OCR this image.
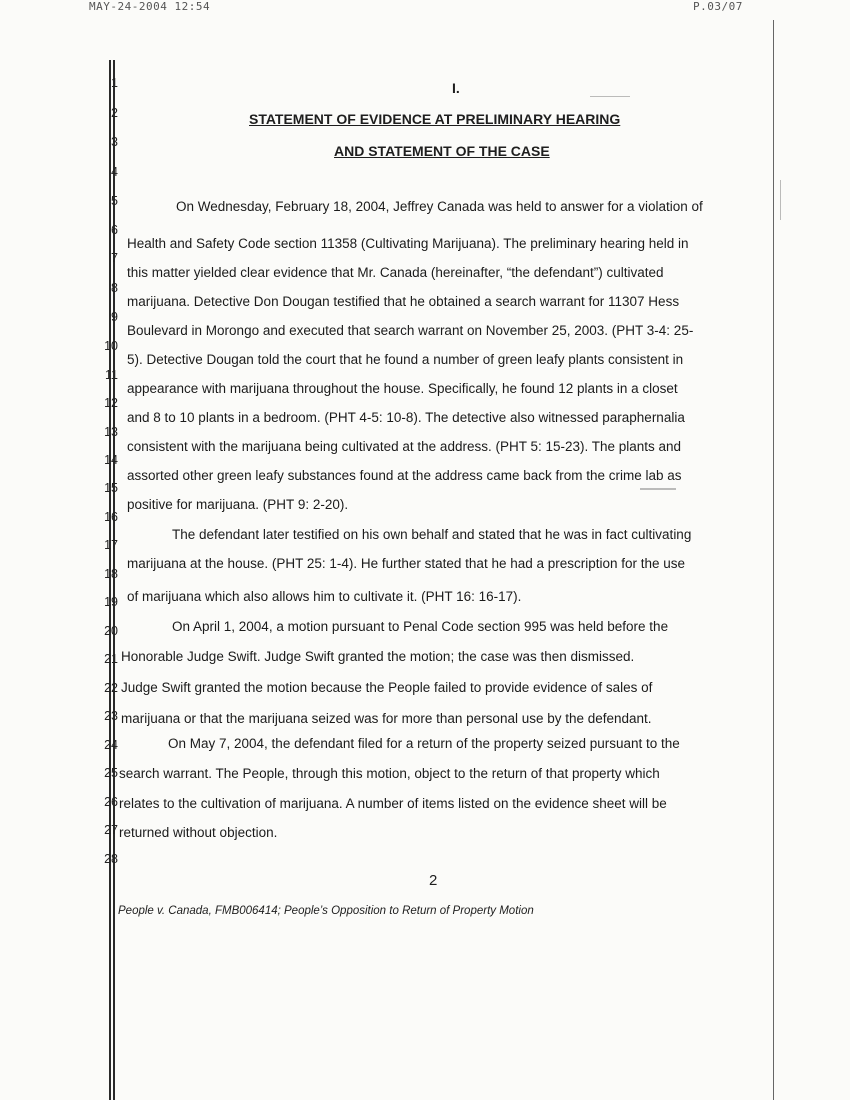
MAY-24-2004 12:54	P.03/07
1
2
3
4
5
6
7
8
9
10
11
12
13
14
15
16
17
18
19
20
21
22
23
24
25
26
27
28
I.
STATEMENT OF EVIDENCE AT PRELIMINARY HEARING
AND STATEMENT OF THE CASE
On Wednesday, February 18, 2004, Jeffrey Canada was held to answer for a violation of
Health and Safety Code section 11358 (Cultivating Marijuana). The preliminary hearing held in
this matter yielded clear evidence that Mr. Canada (hereinafter, “the defendant”) cultivated
marijuana. Detective Don Dougan testified that he obtained a search warrant for 11307 Hess
Boulevard in Morongo and executed that search warrant on November 25, 2003. (PHT 3-4: 25-
5). Detective Dougan told the court that he found a number of green leafy plants consistent in
appearance with marijuana throughout the house. Specifically, he found 12 plants in a closet
and 8 to 10 plants in a bedroom. (PHT 4-5: 10-8). The detective also witnessed paraphernalia
consistent with the marijuana being cultivated at the address. (PHT 5: 15-23). The plants and
assorted other green leafy substances found at the address came back from the crime lab as
positive for marijuana. (PHT 9: 2-20).
The defendant later testified on his own behalf and stated that he was in fact cultivating
marijuana at the house. (PHT 25: 1-4). He further stated that he had a prescription for the use
of marijuana which also allows him to cultivate it. (PHT 16: 16-17).
On April 1, 2004, a motion pursuant to Penal Code section 995 was held before the
Honorable Judge Swift. Judge Swift granted the motion; the case was then dismissed.
Judge Swift granted the motion because the People failed to provide evidence of sales of
marijuana or that the marijuana seized was for more than personal use by the defendant.
On May 7, 2004, the defendant filed for a return of the property seized pursuant to the
search warrant. The People, through this motion, object to the return of that property which
relates to the cultivation of marijuana. A number of items listed on the evidence sheet will be
returned without objection.
2
People v. Canada, FMB006414; People’s Opposition to Return of Property Motion
